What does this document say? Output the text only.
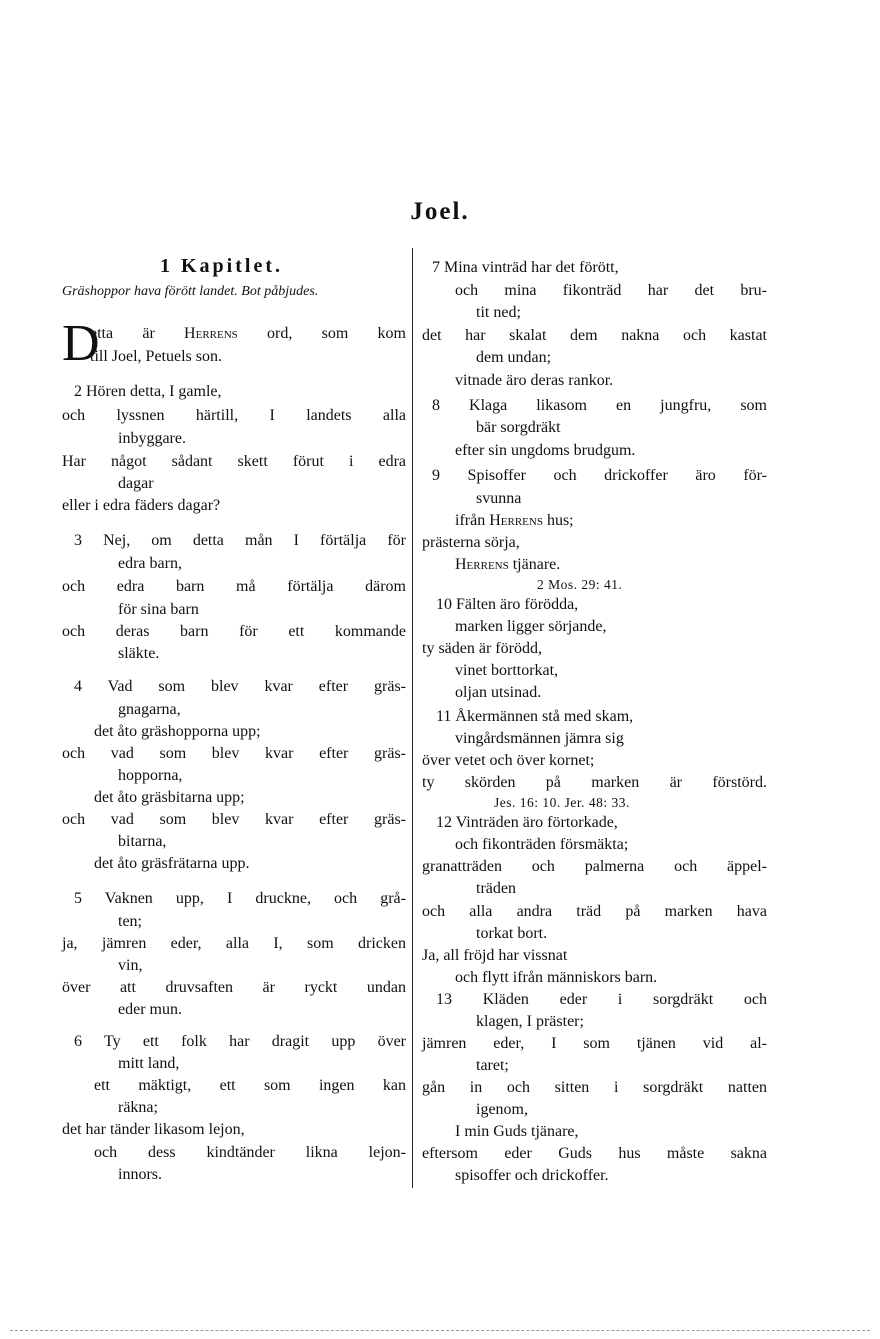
Joel.
1 Kapitlet.
Gräshoppor hava förött landet. Bot påbjudes.
D
etta är Herrens ord, som kom
till Joel, Petuels son.
2 Hören detta, I gamle,
och lyssnen härtill, I landets alla
inbyggare.
Har något sådant skett förut i edra
dagar
eller i edra fäders dagar?
3 Nej, om detta mån I förtälja för
edra barn,
och edra barn må förtälja därom
för sina barn
och deras barn för ett kommande
släkte.
4 Vad som blev kvar efter gräs-
gnagarna,
det åto gräshopporna upp;
och vad som blev kvar efter gräs-
hopporna,
det åto gräsbitarna upp;
och vad som blev kvar efter gräs-
bitarna,
det åto gräsfrätarna upp.
5 Vaknen upp, I druckne, och grå-
ten;
ja, jämren eder, alla I, som dricken
vin,
över att druvsaften är ryckt undan
eder mun.
6 Ty ett folk har dragit upp över
mitt land,
ett mäktigt, ett som ingen kan
räkna;
det har tänder likasom lejon,
och dess kindtänder likna lejon-
innors.
7 Mina vinträd har det förött,
och mina fikonträd har det bru-
tit ned;
det har skalat dem nakna och kastat
dem undan;
vitnade äro deras rankor.
8 Klaga likasom en jungfru, som
bär sorgdräkt
efter sin ungdoms brudgum.
9 Spisoffer och drickoffer äro för-
svunna
ifrån Herrens hus;
prästerna sörja,
Herrens tjänare.
2 Mos. 29: 41.
10 Fälten äro förödda,
marken ligger sörjande,
ty säden är förödd,
vinet borttorkat,
oljan utsinad.
11 Åkermännen stå med skam,
vingårdsmännen jämra sig
över vetet och över kornet;
ty skörden på marken är förstörd.
Jes. 16: 10. Jer. 48: 33.
12 Vinträden äro förtorkade,
och fikonträden försmäkta;
granatträden och palmerna och äppel-
träden
och alla andra träd på marken hava
torkat bort.
Ja, all fröjd har vissnat
och flytt ifrån människors barn.
13 Kläden eder i sorgdräkt och
klagen, I präster;
jämren eder, I som tjänen vid al-
taret;
gån in och sitten i sorgdräkt natten
igenom,
I min Guds tjänare,
eftersom eder Guds hus måste sakna
spisoffer och drickoffer.
